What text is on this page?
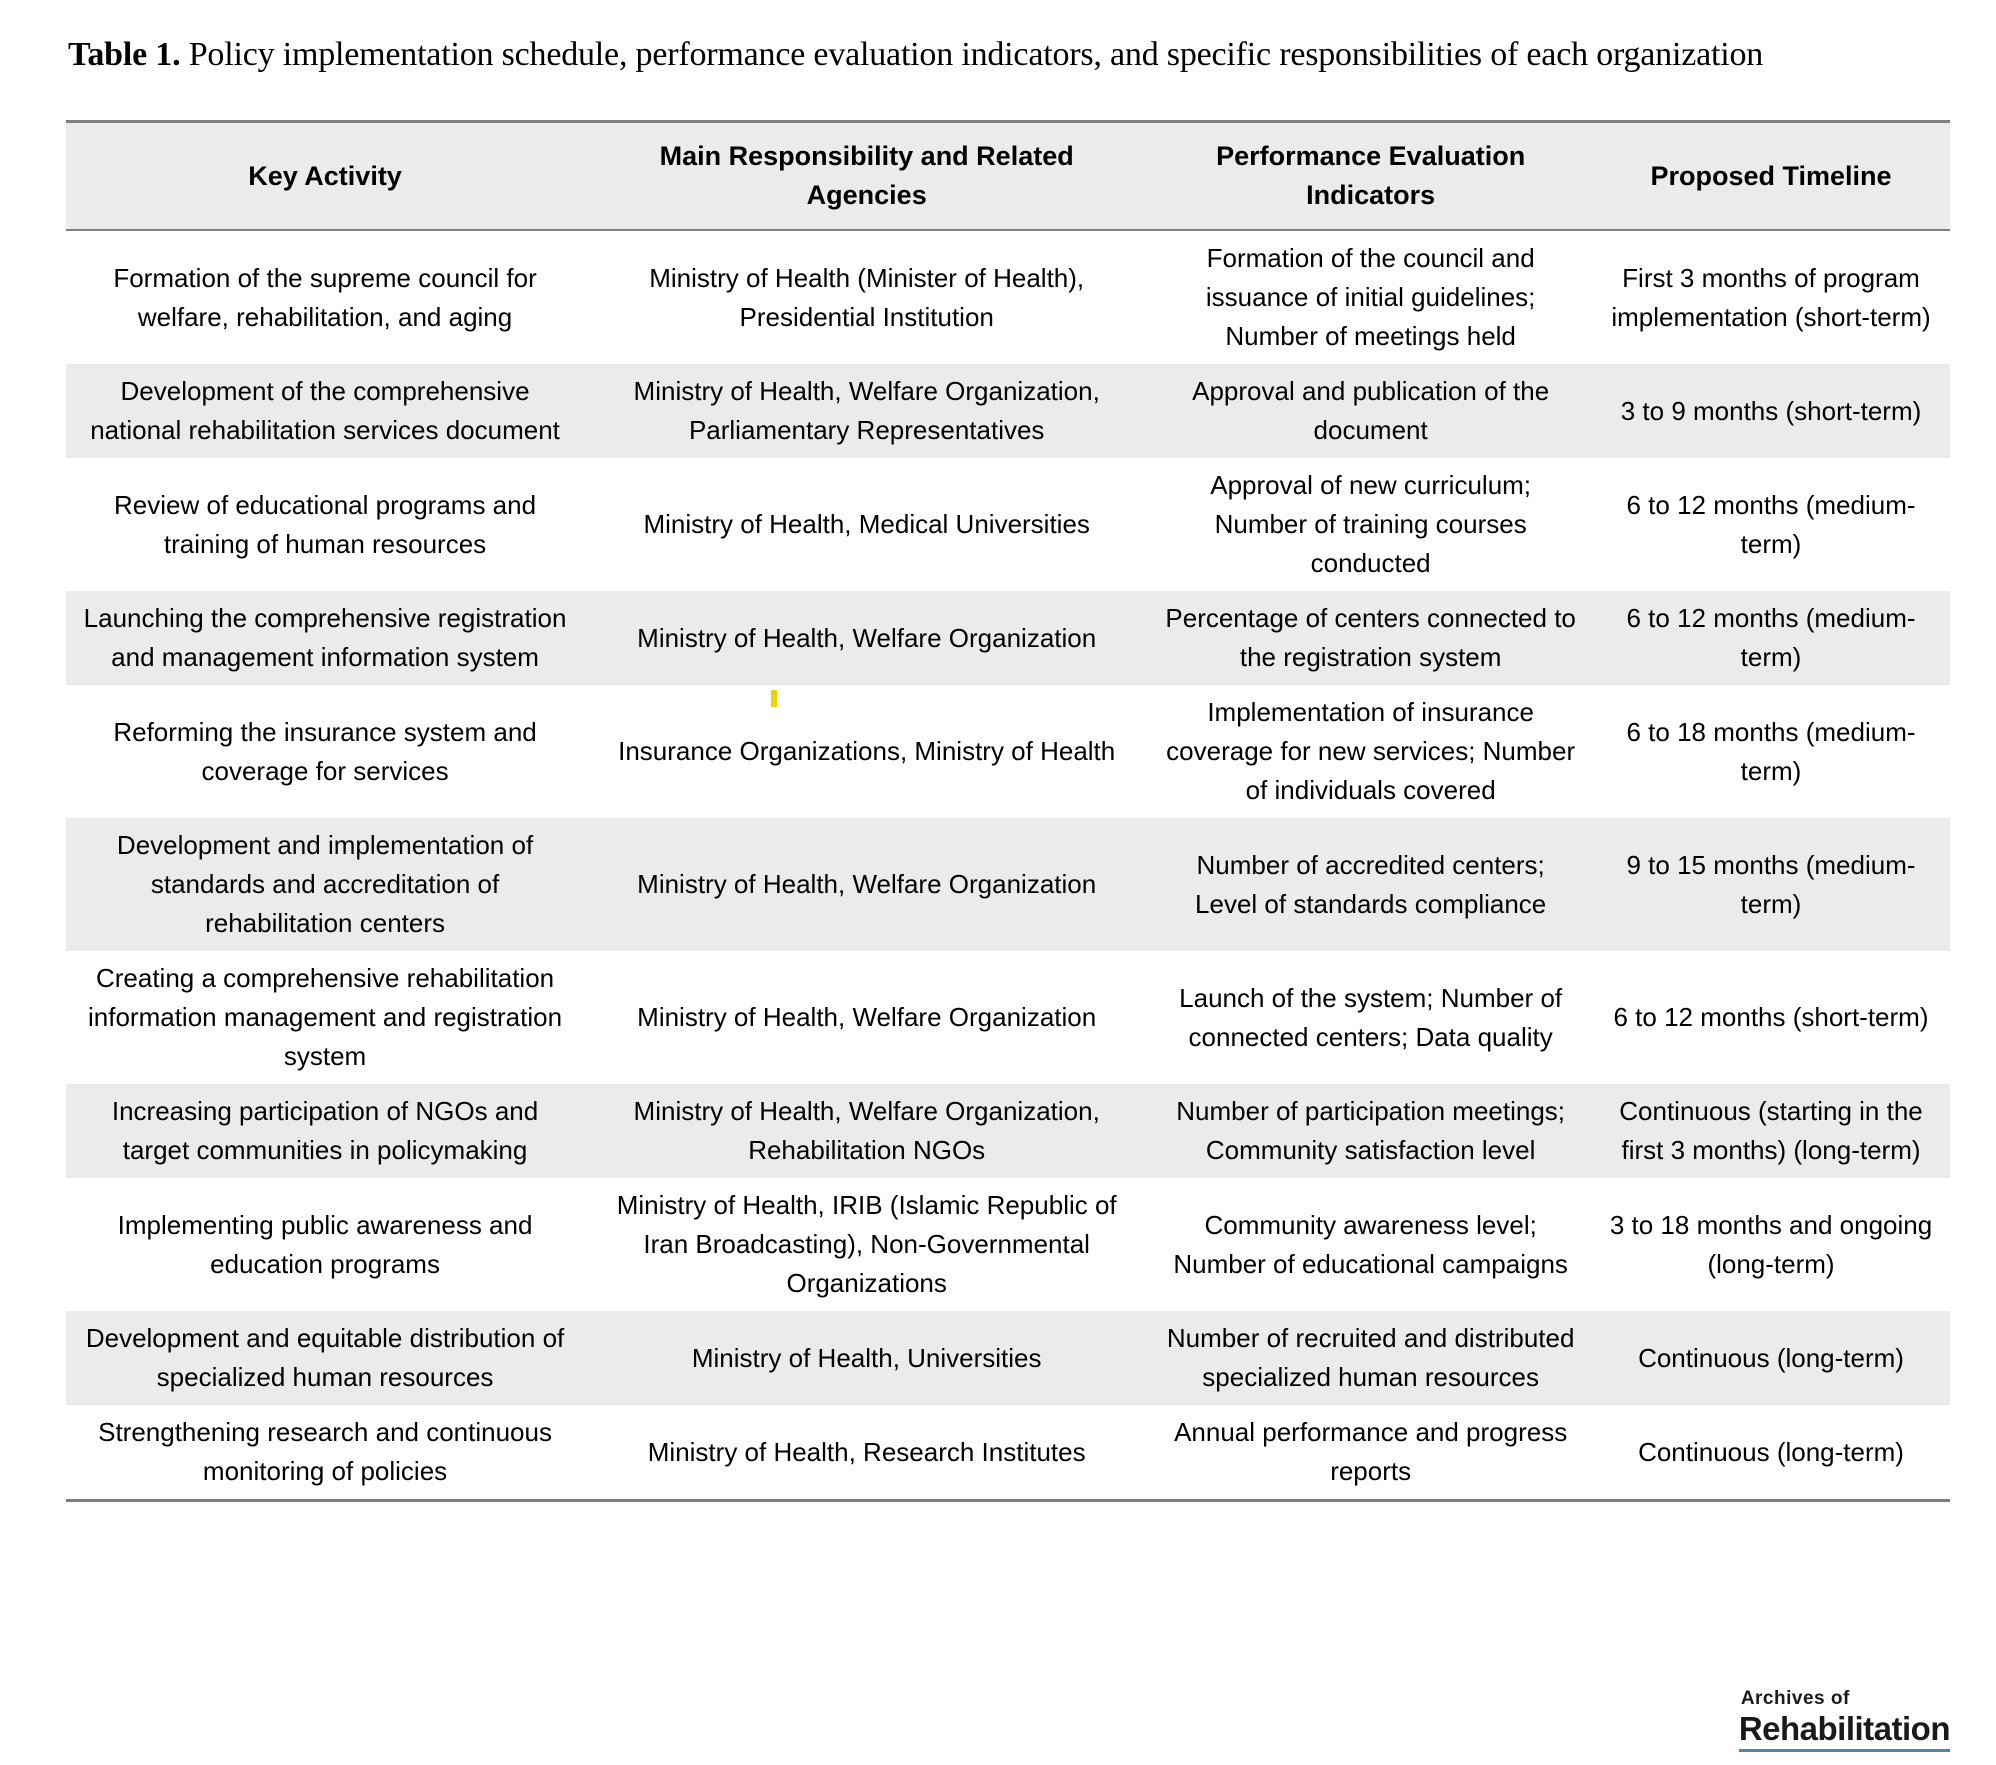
Table 1. Policy implementation schedule, performance evaluation indicators, and specific responsibilities of each organization
Key Activity	Main Responsibility and Related Agencies	Performance Evaluation Indicators	Proposed Timeline
Formation of the supreme council for welfare, rehabilitation, and aging	Ministry of Health (Minister of Health), Presidential Institution	Formation of the council and issuance of initial guidelines; Number of meetings held	First 3 months of program implementation (short-term)
Development of the comprehensive national rehabilitation services document	Ministry of Health, Welfare Organization, Parliamentary Representatives	Approval and publication of the document	3 to 9 months (short-term)
Review of educational programs and training of human resources	Ministry of Health, Medical Universities	Approval of new curriculum; Number of training courses conducted	6 to 12 months (medium-term)
Launching the comprehensive registration and management information system	Ministry of Health, Welfare Organization	Percentage of centers connected to the registration system	6 to 12 months (medium-term)
Reforming the insurance system and coverage for services	Insurance Organizations, Ministry of Health	Implementation of insurance coverage for new services; Number of individuals covered	6 to 18 months (medium-term)
Development and implementation of standards and accreditation of rehabilitation centers	Ministry of Health, Welfare Organization	Number of accredited centers; Level of standards compliance	9 to 15 months (medium-term)
Creating a comprehensive rehabilitation information management and registration system	Ministry of Health, Welfare Organization	Launch of the system; Number of connected centers; Data quality	6 to 12 months (short-term)
Increasing participation of NGOs and target communities in policymaking	Ministry of Health, Welfare Organization, Rehabilitation NGOs	Number of participation meetings; Community satisfaction level	Continuous (starting in the first 3 months) (long-term)
Implementing public awareness and education programs	Ministry of Health, IRIB (Islamic Republic of Iran Broadcasting), Non-Governmental Organizations	Community awareness level; Number of educational campaigns	3 to 18 months and ongoing (long-term)
Development and equitable distribution of specialized human resources	Ministry of Health, Universities	Number of recruited and distributed specialized human resources	Continuous (long-term)
Strengthening research and continuous monitoring of policies	Ministry of Health, Research Institutes	Annual performance and progress reports	Continuous (long-term)
Archives of
Rehabilitation
